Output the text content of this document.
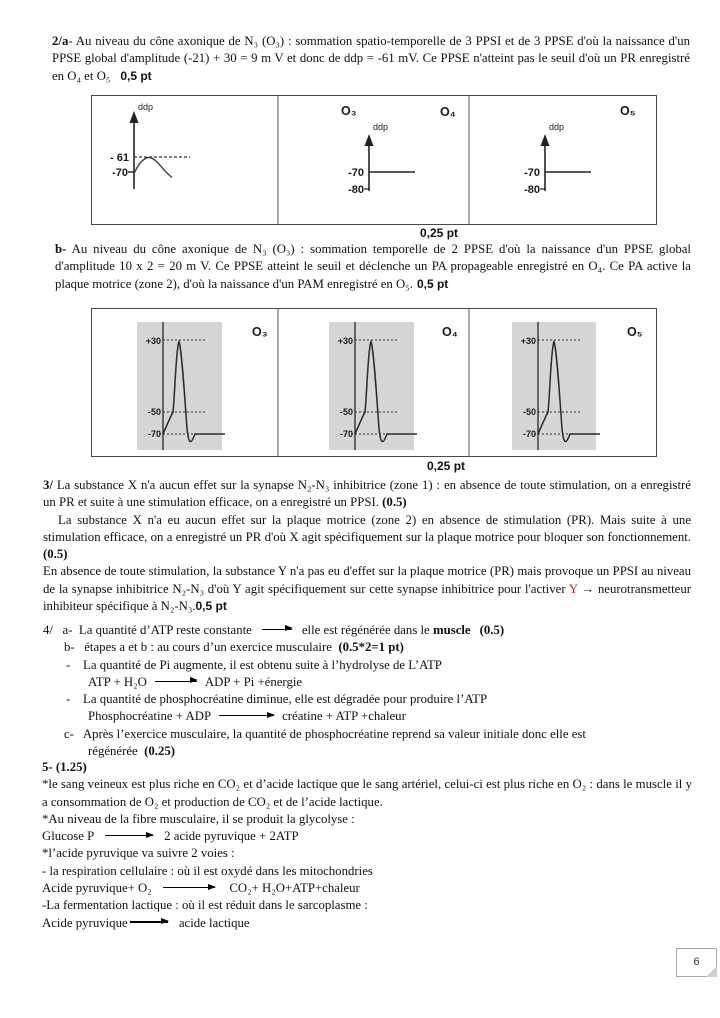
2/a- Au niveau du cône axonique de N₃ (O₃) : sommation spatio-temporelle de 3 PPSI et de 3 PPSE d'où la naissance d'un PPSE global d'amplitude (-21) + 30 = 9 m V et donc de ddp = -61 mV. Ce PPSE n'atteint pas le seuil d'où un PR enregistré en O₄ et O₅ 0,5 pt

ddp
- 61
-70
ddp
-70
-80
ddp
-70
-80
O₃	O₄	O₅
0,25 pt

b- Au niveau du cône axonique de N₃ (O₃) : sommation temporelle de 2 PPSE d'où la naissance d'un PPSE global d'amplitude 10 x 2 = 20 m V. Ce PPSE atteint le seuil et déclenche un PA propageable enregistré en O₄. Ce PA active la plaque motrice (zone 2), d'où la naissance d'un PAM enregistré en O₅. 0,5 pt

+30
-50
-70
+30
-50
-70
+30
-50
-70
O₃	O₄	O₅
0,25 pt

3/ La substance X n'a aucun effet sur la synapse N₂-N₃ inhibitrice (zone 1) : en absence de toute stimulation, on a enregistré un PR et suite à une stimulation efficace, on a enregistré un PPSI. (0.5)

La substance X n'a eu aucun effet sur la plaque motrice (zone 2) en absence de stimulation (PR). Mais suite à une stimulation efficace, on a enregistré un PR d'où X agit spécifiquement sur la plaque motrice pour bloquer son fonctionnement. (0.5)

En absence de toute stimulation, la substance Y n'a pas eu d'effet sur la plaque motrice (PR) mais provoque un PPSI au niveau de la synapse inhibitrice N₂-N₃ d'où Y agit spécifiquement sur cette synapse inhibitrice pour l'activer Y → neurotransmetteur inhibiteur spécifique à N₂-N₃.0,5 pt

4/   a-  La quantité d’ATP reste constante	elle est régénérée dans le muscle (0.5)
b-   étapes a et b : au cours d’un exercice musculaire  (0.5*2=1 pt)
-    La quantité de Pi augmente, il est obtenu suite à l’hydrolyse de L’ATP
ATP + H₂O	ADP + Pi +énergie
-    La quantité de phosphocréatine diminue, elle est dégradée pour produire l’ATP
Phosphocréatine + ADP	créatine + ATP +chaleur
c-   Après l’exercice musculaire, la quantité de phosphocréatine reprend sa valeur initiale donc elle est
régénérée  (0.25)
5- (1.25)

*le sang veineux est plus riche en CO₂ et d’acide lactique que le sang artériel, celui-ci est plus riche en O₂ : dans le muscle il y a consommation de O₂ et production de CO₂ et de l’acide lactique.

*Au niveau de la fibre musculaire, il se produit la glycolyse :
Glucose P	2 acide pyruvique + 2ATP
*l’acide pyruvique va suivre 2 voies :
- la respiration cellulaire : où il est oxydé dans les mitochondries
Acide pyruvique+ O₂	CO₂+ H₂O+ATP+chaleur
-La fermentation lactique : où il est réduit dans le sarcoplasme :
Acide pyruvique	acide lactique
6
